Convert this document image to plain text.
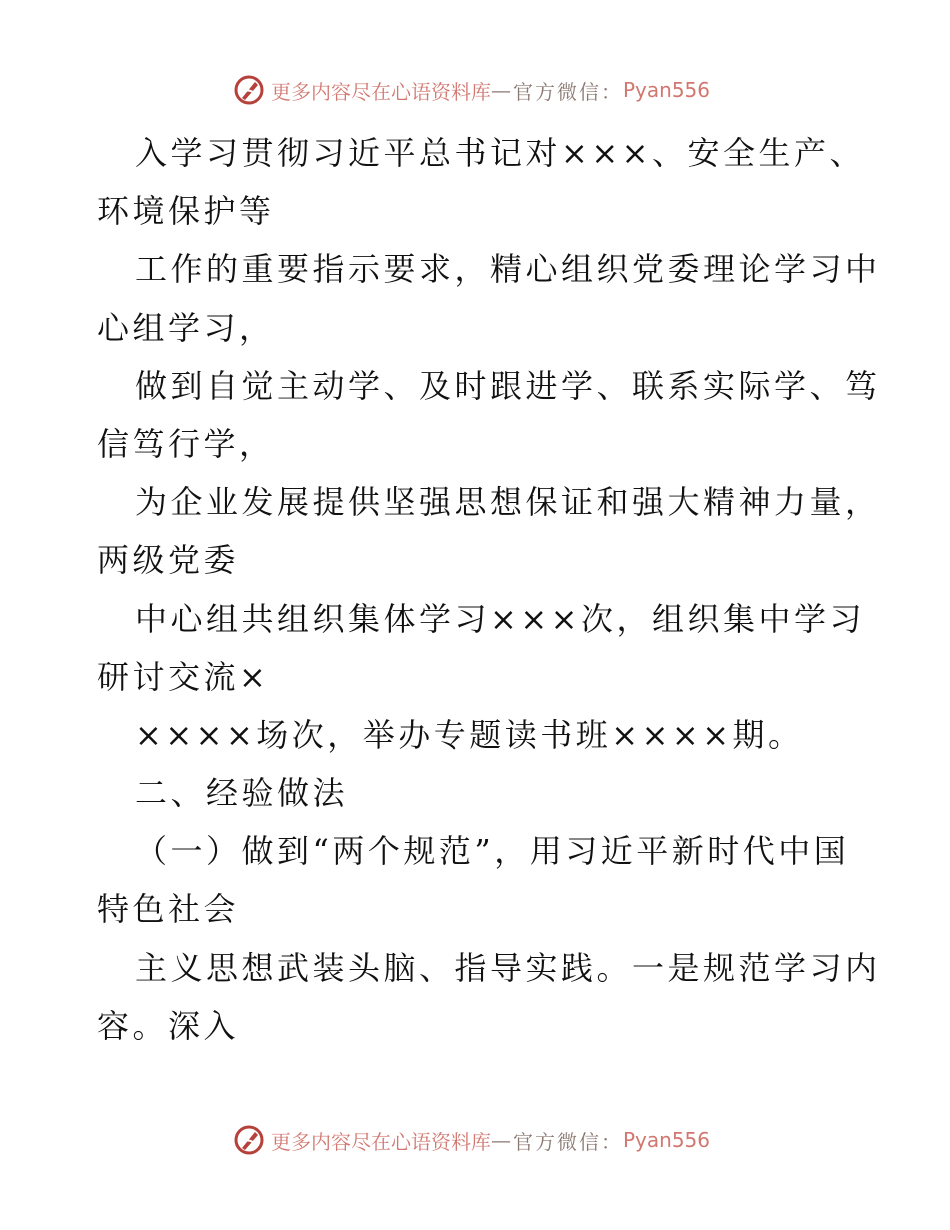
更多内容尽在心语资料库 — 官方微信： Pyan556
入学习贯彻习近平总书记对×××、安全生产、
环境保护等
工作的重要指示要求，精心组织党委理论学习中
心组学习，
做到自觉主动学、及时跟进学、联系实际学、笃
信笃行学，
为企业发展提供坚强思想保证和强大精神力量，
两级党委
中心组共组织集体学习×××次，组织集中学习
研讨交流×
××××场次，举办专题读书班××××期。
二、经验做法
（一）做到“两个规范”，用习近平新时代中国
特色社会
主义思想武装头脑、指导实践。一是规范学习内
容。深入
更多内容尽在心语资料库 — 官方微信： Pyan556
